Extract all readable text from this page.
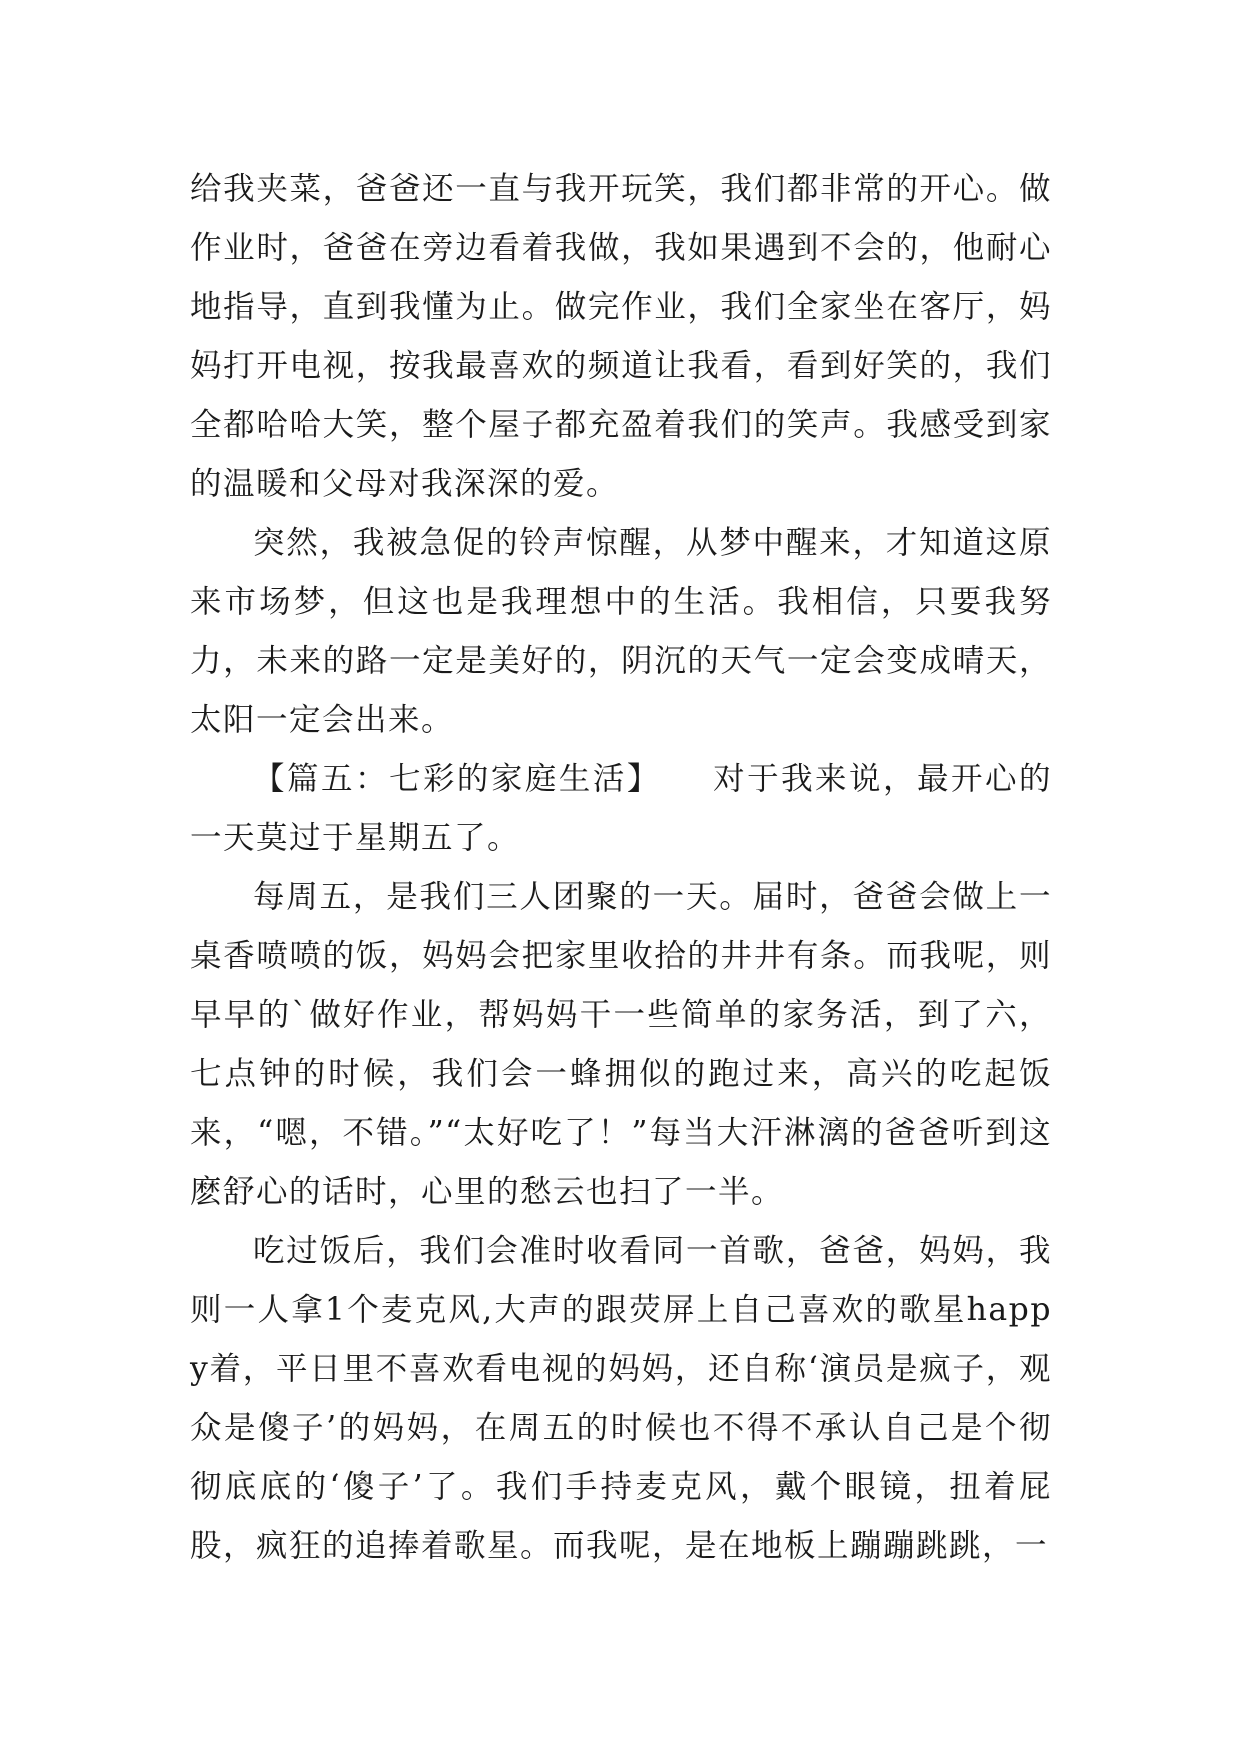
给我夹菜，爸爸还一直与我开玩笑，我们都非常的开心。做作业时，爸爸在旁边看着我做，我如果遇到不会的，他耐心地指导，直到我懂为止。做完作业，我们全家坐在客厅，妈妈打开电视，按我最喜欢的频道让我看，看到好笑的，我们全都哈哈大笑，整个屋子都充盈着我们的笑声。我感受到家的温暖和父母对我深深的爱。

突然，我被急促的铃声惊醒，从梦中醒来，才知道这原来市场梦，但这也是我理想中的生活。我相信，只要我努力，未来的路一定是美好的，阴沉的天气一定会变成晴天，太阳一定会出来。

【篇五：七彩的家庭生活】　　对于我来说，最开心的一天莫过于星期五了。

每周五，是我们三人团聚的一天。届时，爸爸会做上一桌香喷喷的饭，妈妈会把家里收拾的井井有条。而我呢，则早早的`做好作业，帮妈妈干一些简单的家务活，到了六，七点钟的时候，我们会一蜂拥似的跑过来，高兴的吃起饭来，“嗯，不错。”“太好吃了！”每当大汗淋漓的爸爸听到这麽舒心的话时，心里的愁云也扫了一半。

吃过饭后，我们会准时收看同一首歌，爸爸，妈妈，我则一人拿1个麦克风,大声的跟荧屏上自己喜欢的歌星happy着，平日里不喜欢看电视的妈妈，还自称‘演员是疯子，观众是傻子’的妈妈，在周五的时候也不得不承认自己是个彻彻底底的‘傻子’了。我们手持麦克风，戴个眼镜，扭着屁股，疯狂的追捧着歌星。而我呢，是在地板上蹦蹦跳跳，一
